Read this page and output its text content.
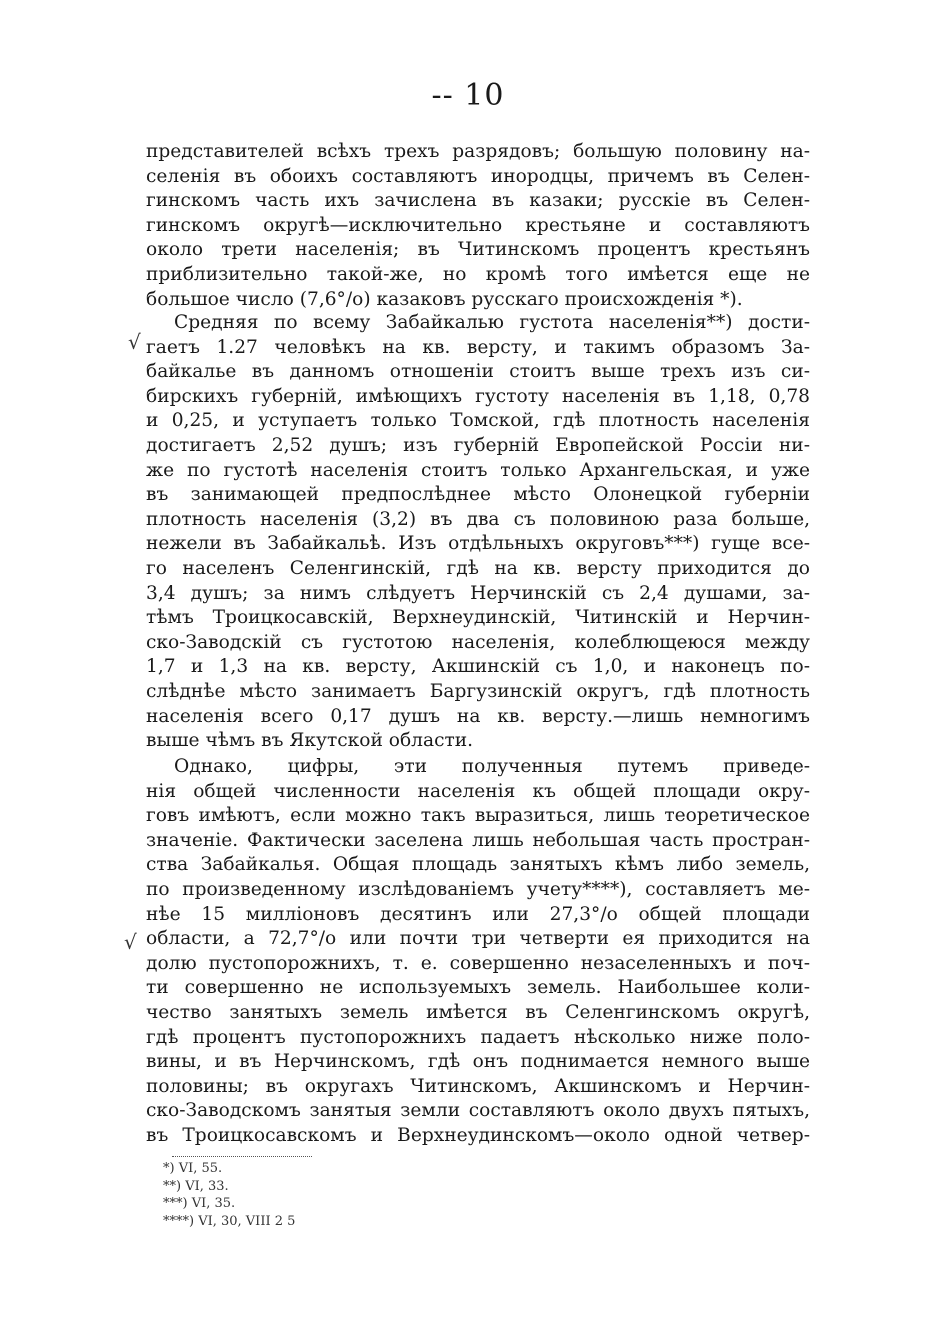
-- 10
√
√
представителей всѣхъ трехъ разрядовъ; большую половину на-
селенія въ обоихъ составляютъ инородцы, причемъ въ Селен-
гинскомъ часть ихъ зачислена въ казаки; русскіе въ Селен-
гинскомъ округѣ—исключительно крестьяне и составляютъ
около трети населенія; въ Читинскомъ процентъ крестьянъ
приблизительно такой-же, но кромѣ того имѣется еще не
большое число (7,6°/о) казаковъ русскаго происхожденія *).
Средняя по всему Забайкалью густота населенія**) дости-
гаетъ 1.27 человѣкъ на кв. версту, и такимъ образомъ За-
байкалье въ данномъ отношеніи стоитъ выше трехъ изъ си-
бирскихъ губерній, имѣющихъ густоту населенія въ 1,18, 0,78
и 0,25, и уступаетъ только Томской, гдѣ плотность населенія
достигаетъ 2,52 душъ; изъ губерній Европейской Россіи ни-
же по густотѣ населенія стоитъ только Архангельская, и уже
въ занимающей предпослѣднее мѣсто Олонецкой губерніи
плотность населенія (3,2) въ два съ половиною раза больше,
нежели въ Забайкальѣ. Изъ отдѣльныхъ округовъ***) гуще все-
го населенъ Селенгинскій, гдѣ на кв. версту приходится до
3,4 душъ; за нимъ слѣдуетъ Нерчинскій съ 2,4 душами, за-
тѣмъ Троицкосавскій, Верхнеудинскій, Читинскій и Нерчин-
ско-Заводскій съ густотою населенія, колеблющеюся между
1,7 и 1,3 на кв. версту, Акшинскій съ 1,0, и наконецъ по-
слѣднѣе мѣсто занимаетъ Баргузинскій округъ, гдѣ плотность
населенія всего 0,17 душъ на кв. версту.—лишь немногимъ
выше чѣмъ въ Якутской области.
Однако, цифры, эти полученныя путемъ приведе-
нія общей численности населенія къ общей площади окру-
говъ имѣютъ, если можно такъ выразиться, лишь теоретическое
значеніе. Фактически заселена лишь небольшая часть простран-
ства Забайкалья. Общая площадь занятыхъ кѣмъ либо земель,
по произведенному изслѣдованіемъ учету****), составляетъ ме-
нѣе 15 милліоновъ десятинъ или 27,3°/о общей площади
области, а 72,7°/о или почти три четверти ея приходится на
долю пустопорожнихъ, т. е. совершенно незаселенныхъ и поч-
ти совершенно не используемыхъ земель. Наибольшее коли-
чество занятыхъ земель имѣется въ Селенгинскомъ округѣ,
гдѣ процентъ пустопорожнихъ падаетъ нѣсколько ниже поло-
вины, и въ Нерчинскомъ, гдѣ онъ поднимается немного выше
половины; въ округахъ Читинскомъ, Акшинскомъ и Нерчин-
ско-Заводскомъ занятыя земли составляютъ около двухъ пятыхъ,
въ Троицкосавскомъ и Верхнеудинскомъ—около одной четвер-
*) VI, 55.
**) VI, 33.
***) VI, 35.
****) VI, 30, VIII 2 5
